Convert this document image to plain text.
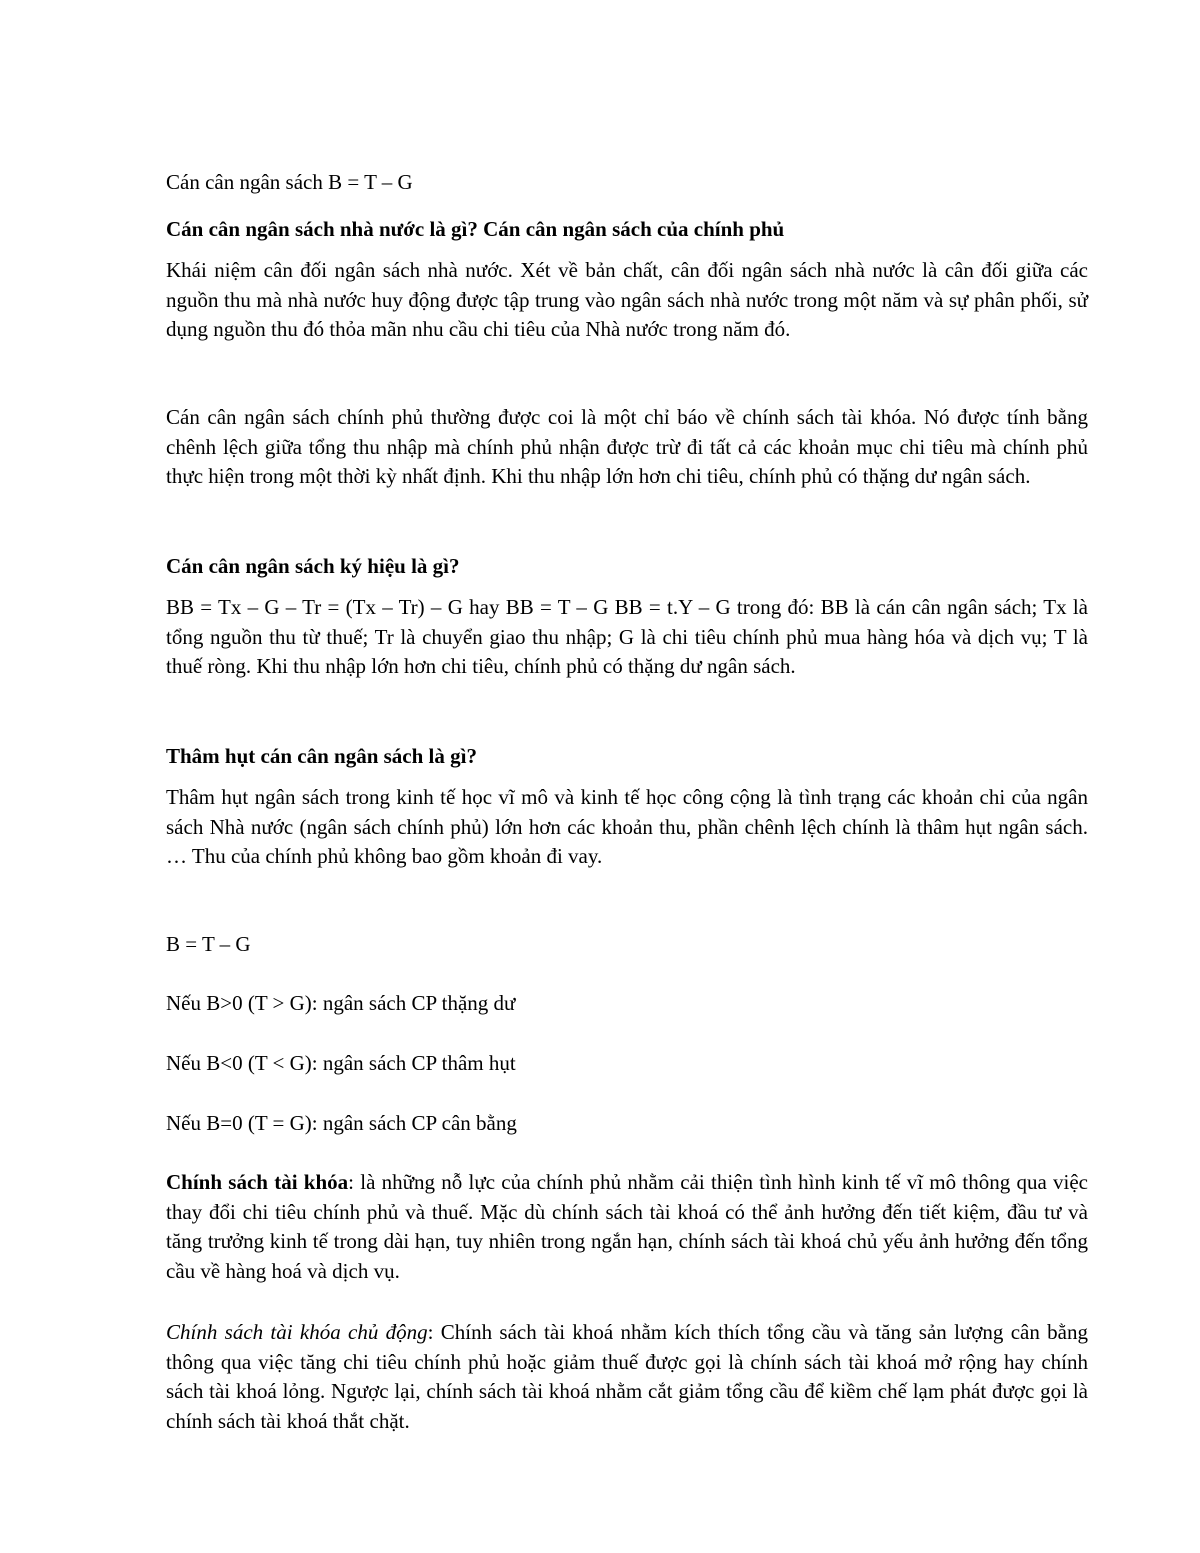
Cán cân ngân sách B = T – G

Cán cân ngân sách nhà nước là gì? Cán cân ngân sách của chính phủ

Khái niệm cân đối ngân sách nhà nước. Xét về bản chất, cân đối ngân sách nhà nước là cân đối giữa các nguồn thu mà nhà nước huy động được tập trung vào ngân sách nhà nước trong một năm và sự phân phối, sử dụng nguồn thu đó thỏa mãn nhu cầu chi tiêu của Nhà nước trong năm đó.

Cán cân ngân sách chính phủ thường được coi là một chỉ báo về chính sách tài khóa. Nó được tính bằng chênh lệch giữa tổng thu nhập mà chính phủ nhận được trừ đi tất cả các khoản mục chi tiêu mà chính phủ thực hiện trong một thời kỳ nhất định. Khi thu nhập lớn hơn chi tiêu, chính phủ có thặng dư ngân sách.

Cán cân ngân sách ký hiệu là gì?

BB = Tx – G – Tr = (Tx – Tr) – G hay BB = T – G BB = t.Y – G trong đó: BB là cán cân ngân sách; Tx là tổng nguồn thu từ thuế; Tr là chuyển giao thu nhập; G là chi tiêu chính phủ mua hàng hóa và dịch vụ; T là thuế ròng. Khi thu nhập lớn hơn chi tiêu, chính phủ có thặng dư ngân sách.

Thâm hụt cán cân ngân sách là gì?

Thâm hụt ngân sách trong kinh tế học vĩ mô và kinh tế học công cộng là tình trạng các khoản chi của ngân sách Nhà nước (ngân sách chính phủ) lớn hơn các khoản thu, phần chênh lệch chính là thâm hụt ngân sách. … Thu của chính phủ không bao gồm khoản đi vay.

B = T – G

Nếu B>0 (T > G): ngân sách CP thặng dư

Nếu B<0 (T < G): ngân sách CP thâm hụt

Nếu B=0 (T = G): ngân sách CP cân bằng

Chính sách tài khóa: là những nỗ lực của chính phủ nhằm cải thiện tình hình kinh tế vĩ mô thông qua việc thay đổi chi tiêu chính phủ và thuế. Mặc dù chính sách tài khoá có thể ảnh hưởng đến tiết kiệm, đầu tư và tăng trưởng kinh tế trong dài hạn, tuy nhiên trong ngắn hạn, chính sách tài khoá chủ yếu ảnh hưởng đến tổng cầu về hàng hoá và dịch vụ.

Chính sách tài khóa chủ động: Chính sách tài khoá nhằm kích thích tổng cầu và tăng sản lượng cân bằng thông qua việc tăng chi tiêu chính phủ hoặc giảm thuế được gọi là chính sách tài khoá mở rộng hay chính sách tài khoá lỏng. Ngược lại, chính sách tài khoá nhằm cắt giảm tổng cầu để kiềm chế lạm phát được gọi là chính sách tài khoá thắt chặt.
